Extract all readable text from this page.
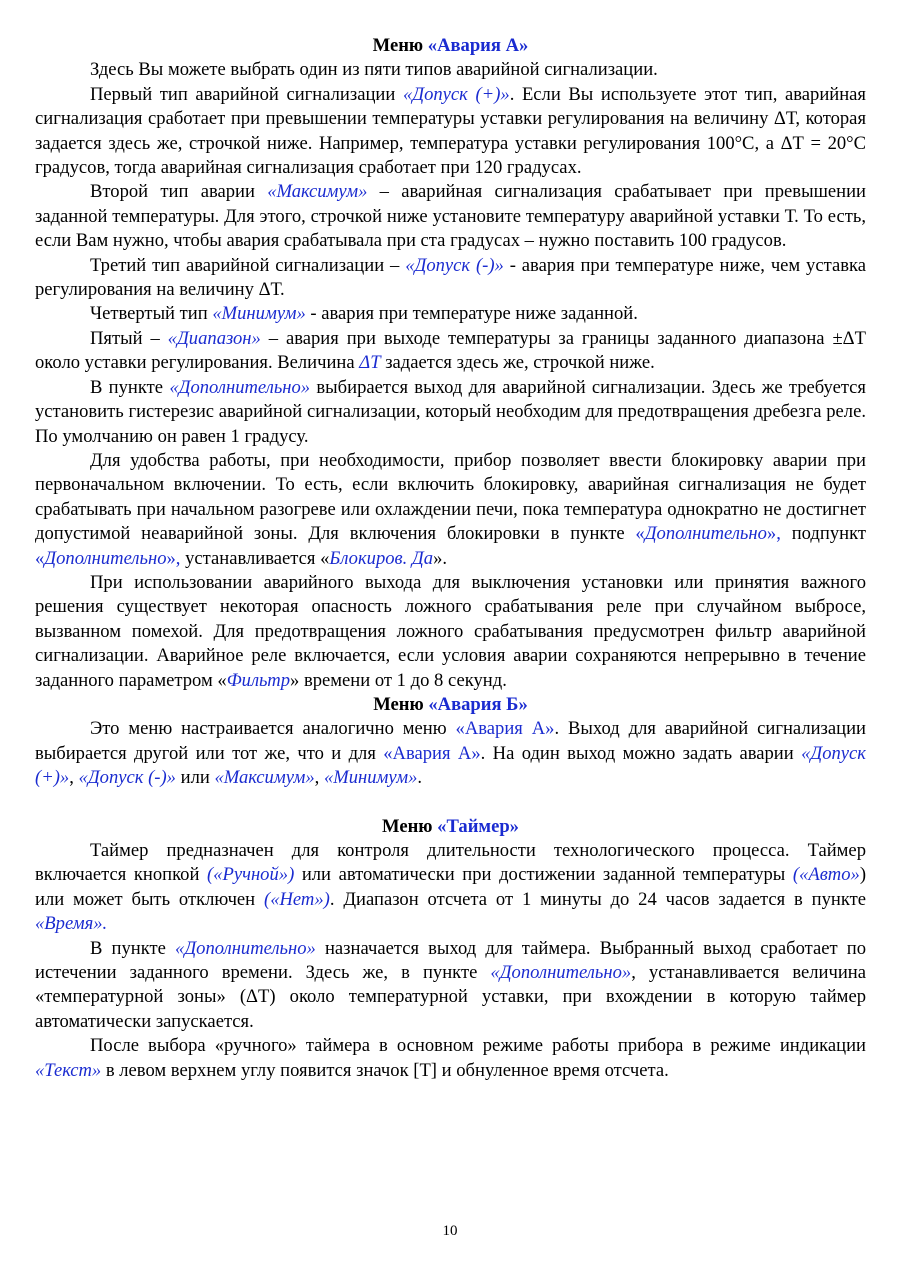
Меню «Авария А»

Здесь Вы можете выбрать один из пяти типов аварийной сигнализации.

Первый тип аварийной сигнализации «Допуск (+)». Если Вы используете этот тип, аварийная сигнализация сработает при превышении температуры уставки регулирования на величину ΔТ, которая задается здесь же, строчкой ниже. Например, температура уставки регулирования 100°С, а ΔТ = 20°С градусов, тогда аварийная сигнализация сработает при 120 градусах.

Второй тип аварии «Максимум» – аварийная сигнализация срабатывает при превышении заданной температуры. Для этого, строчкой ниже установите температуру аварийной уставки Т. То есть, если Вам нужно, чтобы авария срабатывала при ста градусах – нужно поставить 100 градусов.

Третий тип аварийной сигнализации – «Допуск (-)» - авария при температуре ниже, чем уставка регулирования на величину ΔТ.

Четвертый тип «Минимум» - авария при температуре ниже заданной.

Пятый – «Диапазон» – авария при выходе температуры за границы заданного диапазона ±ΔТ около уставки регулирования. Величина ΔТ задается здесь же, строчкой ниже.

В пункте «Дополнительно» выбирается выход для аварийной сигнализации. Здесь же требуется установить гистерезис аварийной сигнализации, который необходим для предотвращения дребезга реле. По умолчанию он равен 1 градусу.

Для удобства работы, при необходимости, прибор позволяет ввести блокировку аварии при первоначальном включении. То есть, если включить блокировку, аварийная сигнализация не будет срабатывать при начальном разогреве или охлаждении печи, пока температура однократно не достигнет допустимой неаварийной зоны. Для включения блокировки в пункте «Дополнительно», подпункт «Дополнительно», устанавливается «Блокиров. Да».

При использовании аварийного выхода для выключения установки или принятия важного решения существует некоторая опасность ложного срабатывания реле при случайном выбросе, вызванном помехой. Для предотвращения ложного срабатывания предусмотрен фильтр аварийной сигнализации. Аварийное реле включается, если условия аварии сохраняются непрерывно в течение заданного параметром «Фильтр» времени от 1 до 8 секунд.

Меню «Авария Б»

Это меню настраивается аналогично меню «Авария А». Выход для аварийной сигнализации выбирается другой или тот же, что и для «Авария А». На один выход можно задать аварии «Допуск (+)», «Допуск (-)» или «Максимум», «Минимум».

Меню «Таймер»

Таймер предназначен для контроля длительности технологического процесса. Таймер включается кнопкой («Ручной») или автоматически при достижении заданной температуры («Авто») или может быть отключен («Нет»). Диапазон отсчета от 1 минуты до 24 часов задается в пункте «Время».

В пункте «Дополнительно» назначается выход для таймера. Выбранный выход сработает по истечении заданного времени. Здесь же, в пункте «Дополнительно», устанавливается величина «температурной зоны» (ΔТ) около температурной уставки, при вхождении в которую таймер автоматически запускается.

После выбора «ручного» таймера в основном режиме работы прибора в режиме индикации «Текст» в левом верхнем углу появится значок [T] и обнуленное время отсчета.

10
